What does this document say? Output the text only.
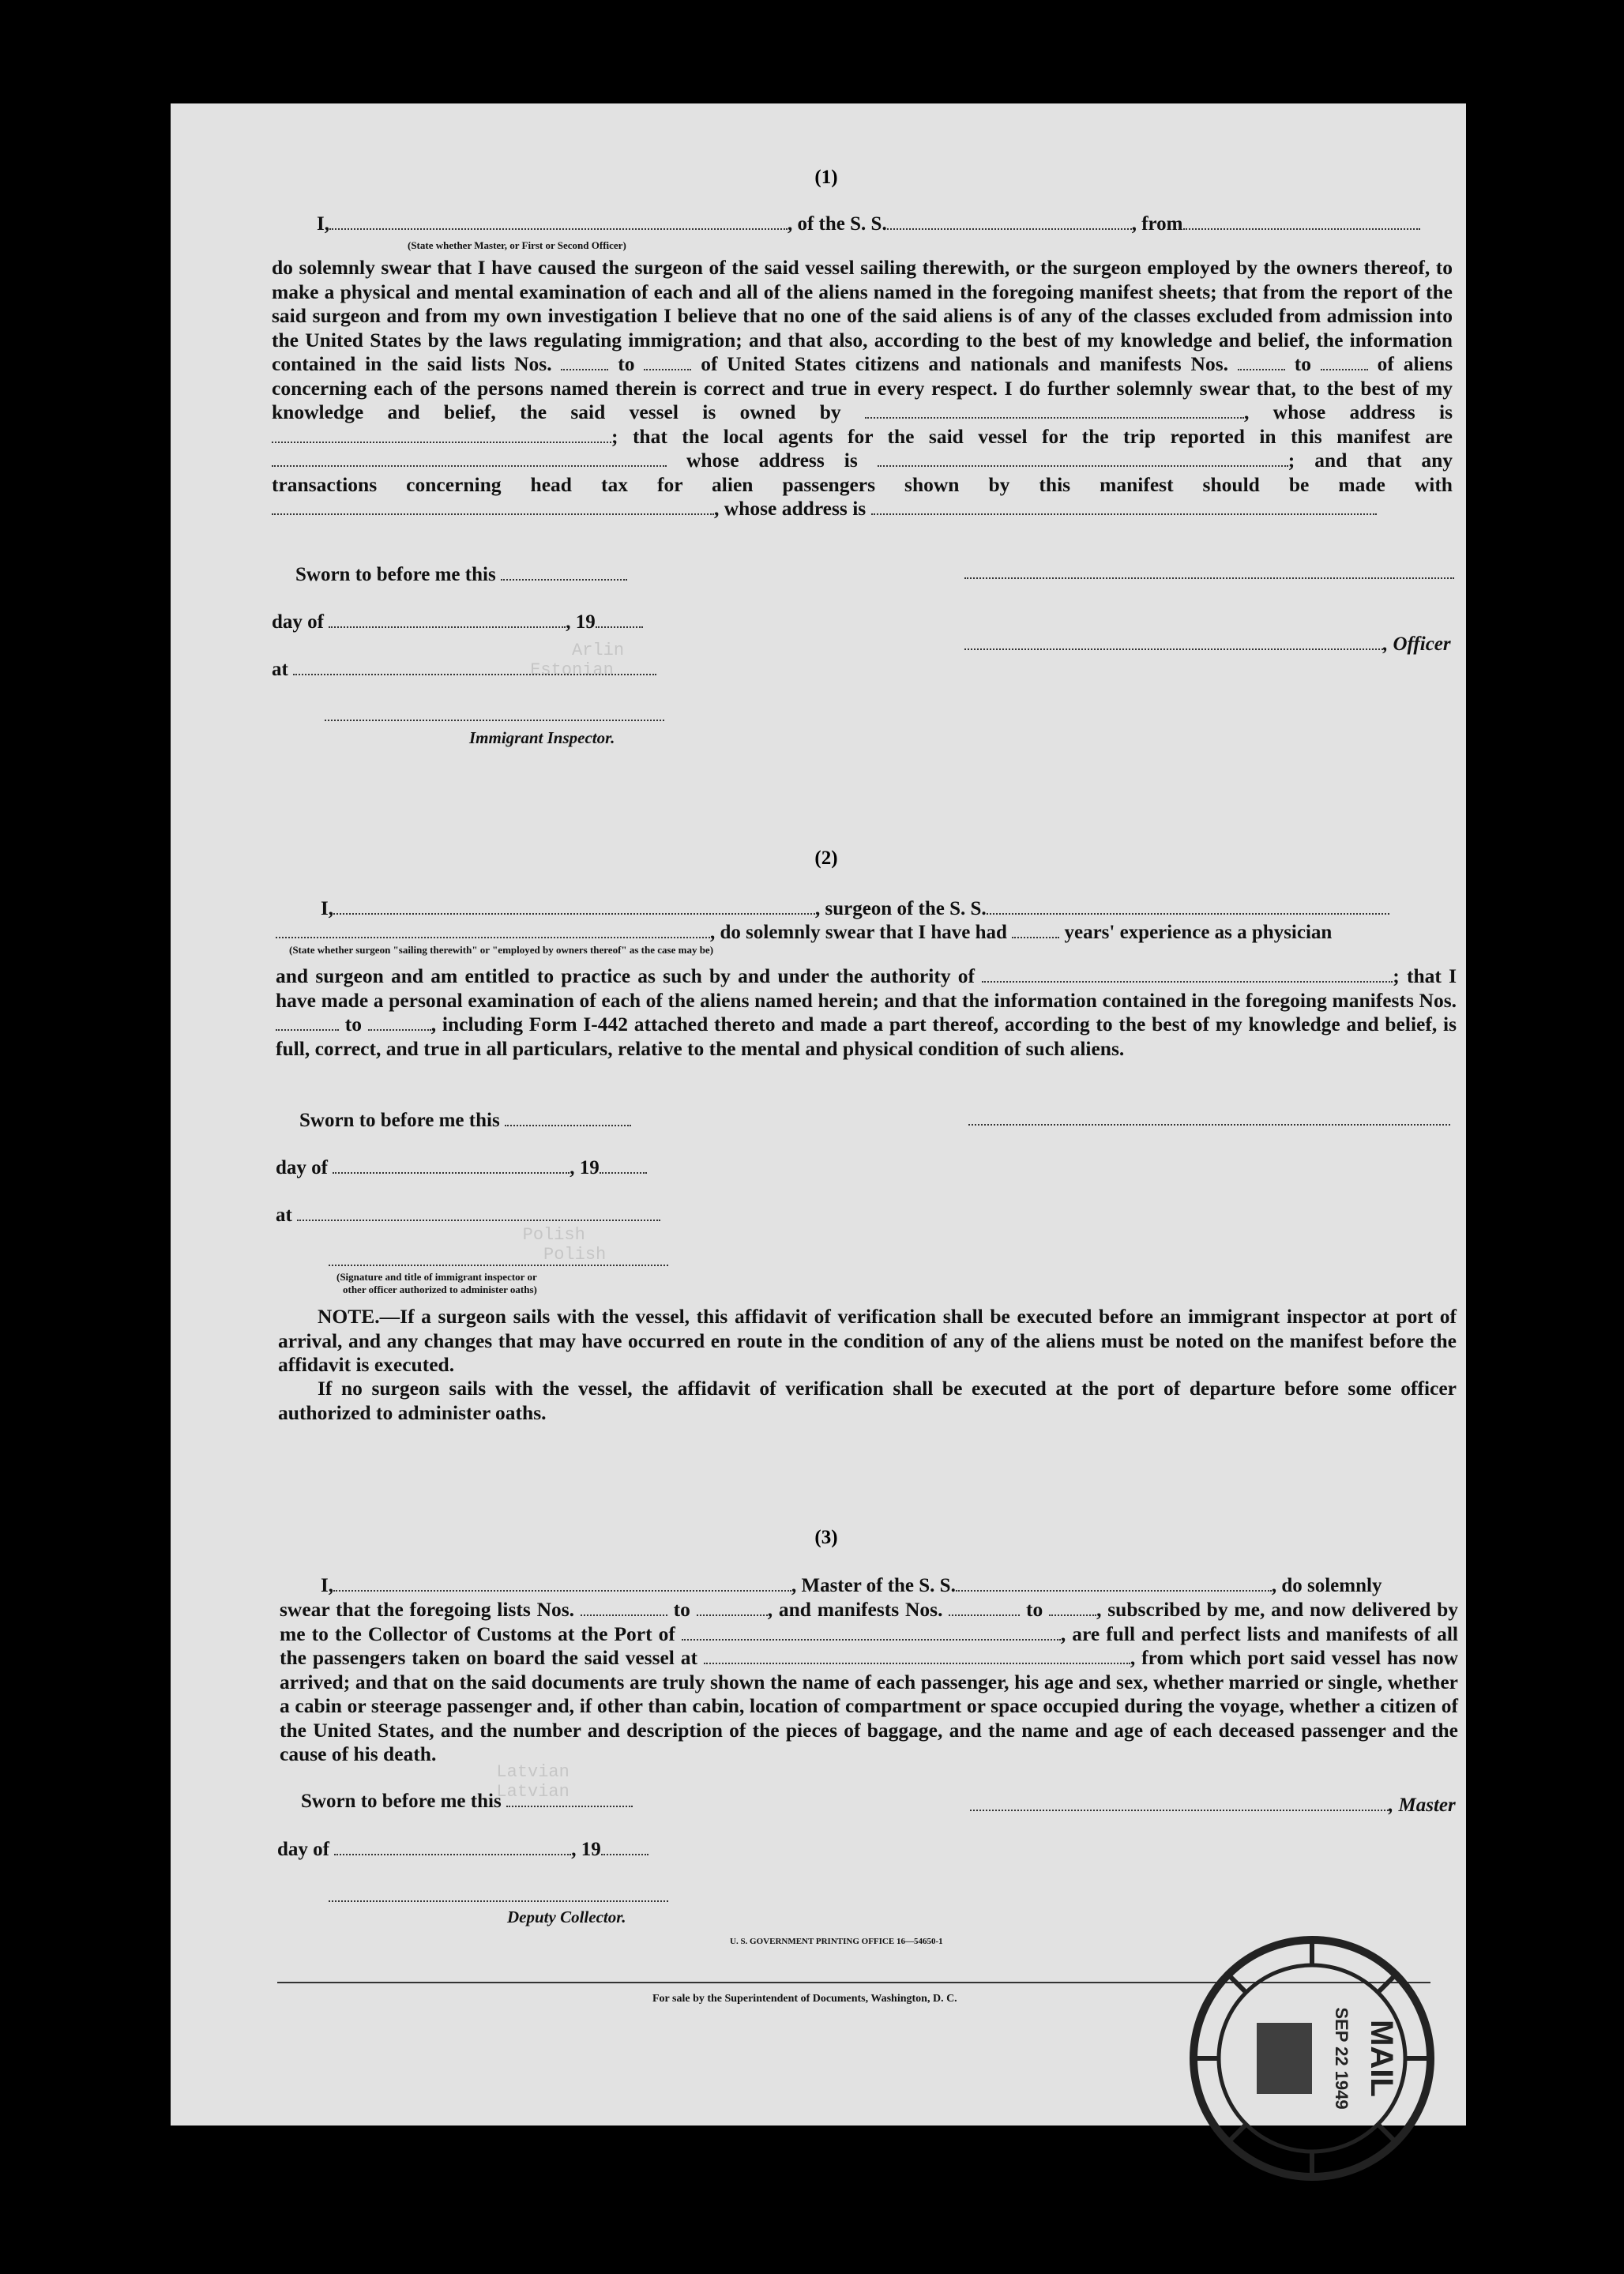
Arlin
Estonian
Polish
Polish
Latvian
Latvian
(1)
I,	, of the S. S.	, from
(State whether Master, or First or Second Officer)

do solemnly swear that I have caused the surgeon of the said vessel sailing therewith, or the surgeon employed by the owners thereof, to make a physical and mental examination of each and all of the aliens named in the foregoing manifest sheets; that from the report of the said surgeon and from my own investigation I believe that no one of the said aliens is of any of the classes excluded from admission into the United States by the laws regulating immigration; and that also, according to the best of my knowledge and belief, the information contained in the said lists Nos.	to	of United States citizens and nationals and manifests Nos.	to	of aliens concerning each of the persons named therein is correct and true in every respect. I do further solemnly swear that, to the best of my knowledge and belief, the said vessel is owned by	, whose address is ; that the local agents for the said vessel for the trip reported in this manifest are  whose address is	; and that any transactions concerning head tax for alien passengers shown by this manifest should be made with , whose address is

Sworn to before me this
day of	, 19
, Officer
at
Immigrant Inspector.
(2)
I,	, surgeon of the S. S.
, do solemnly swear that I have had	years' experience as a physician
(State whether surgeon "sailing therewith" or "employed by owners thereof" as the case may be)

and surgeon and am entitled to practice as such by and under the authority of	; that I have made a personal examination of each of the aliens named herein; and that the information contained in the foregoing manifests Nos.  to	, including Form I-442 attached thereto and made a part thereof, according to the best of my knowledge and belief, is full, correct, and true in all particulars, relative to the mental and physical condition of such aliens.

Sworn to before me this
day of	, 19
at
(Signature and title of immigrant inspector or
other officer authorized to administer oaths)

NOTE.—If a surgeon sails with the vessel, this affidavit of verification shall be executed before an immigrant inspector at port of arrival, and any changes that may have occurred en route in the condition of any of the aliens must be noted on the manifest before the affidavit is executed.

If no surgeon sails with the vessel, the affidavit of verification shall be executed at the port of departure before some officer authorized to administer oaths.

(3)
I,	, Master of the S. S.	, do solemnly

swear that the foregoing lists Nos.	to	, and manifests Nos.	to	, subscribed by me, and now delivered by me to the Collector of Customs at the Port of	, are full and perfect lists and manifests of all the passengers taken on board the said vessel at	, from which port said vessel has now arrived; and that on the said documents are truly shown the name of each passenger, his age and sex, whether married or single, whether a cabin or steerage passenger and, if other than cabin, location of compartment or space occupied during the voyage, whether a citizen of the United States, and the number and description of the pieces of baggage, and the name and age of each deceased passenger and the cause of his death.

Sworn to before me this	, Master
day of	, 19
Deputy Collector.
U. S. GOVERNMENT PRINTING OFFICE 16—54650-1
For sale by the Superintendent of Documents, Washington, D. C.
MAIL
SEP 22 1949
